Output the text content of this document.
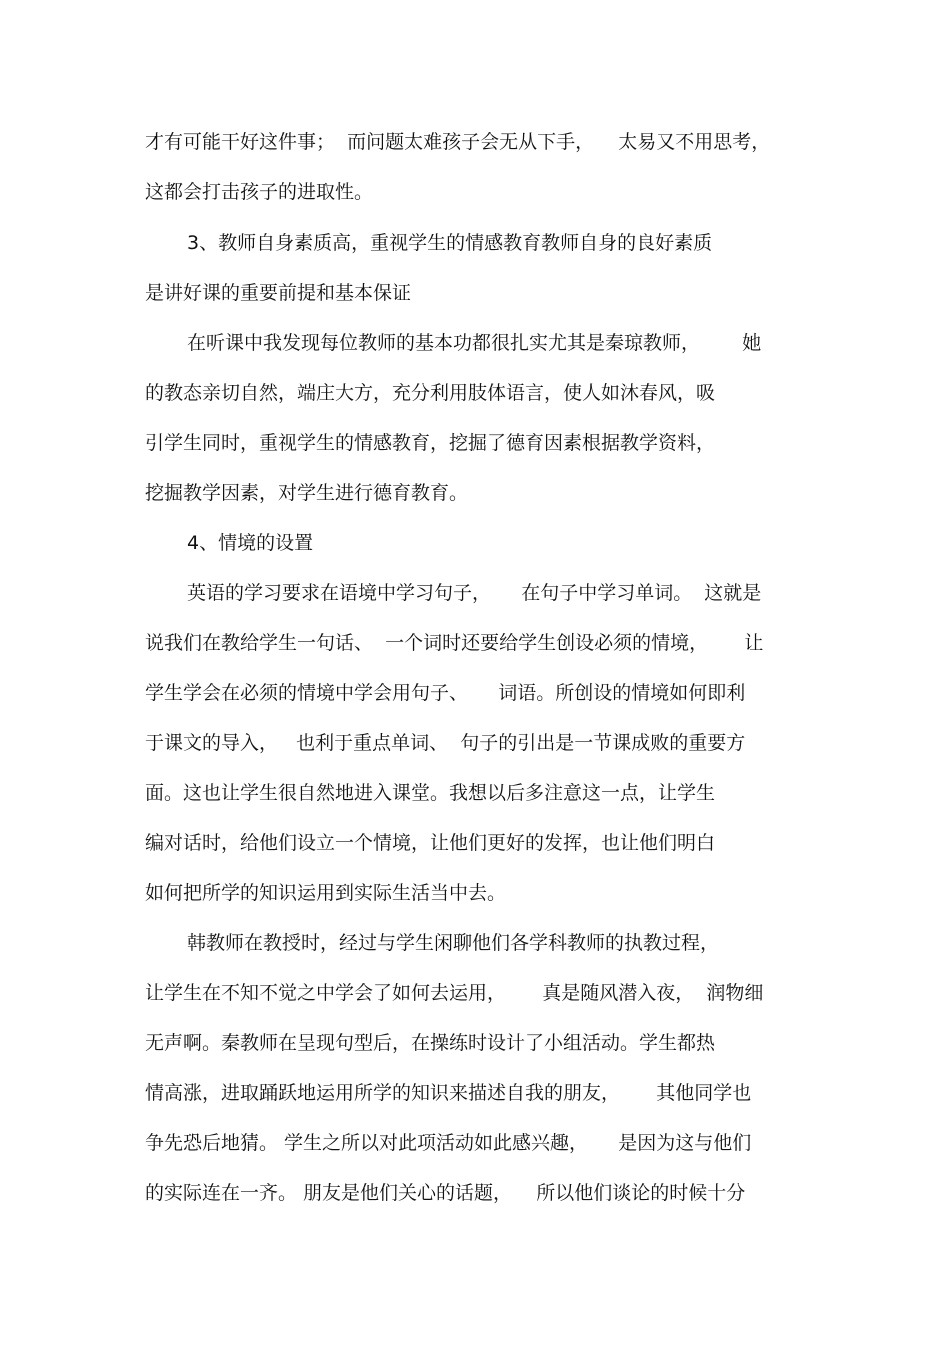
才有可能干好这件事；  而问题太难孩子会无从下手，    太易又不用思考，
这都会打击孩子的进取性。
3、教师自身素质高，重视学生的情感教育教师自身的良好素质
是讲好课的重要前提和基本保证
在听课中我发现每位教师的基本功都很扎实尤其是秦琼教师，       她
的教态亲切自然，端庄大方，充分利用肢体语言，使人如沐春风，吸
引学生同时，重视学生的情感教育，挖掘了德育因素根据教学资料，
挖掘教学因素，对学生进行德育教育。
4、情境的设置
英语的学习要求在语境中学习句子，     在句子中学习单词。  这就是
说我们在教给学生一句话、  一个词时还要给学生创设必须的情境，      让
学生学会在必须的情境中学会用句子、     词语。所创设的情境如何即利
于课文的导入，   也利于重点单词、  句子的引出是一节课成败的重要方
面。这也让学生很自然地进入课堂。我想以后多注意这一点，让学生
编对话时，给他们设立一个情境，让他们更好的发挥，也让他们明白
如何把所学的知识运用到实际生活当中去。
韩教师在教授时，经过与学生闲聊他们各学科教师的执教过程，
让学生在不知不觉之中学会了如何去运用，      真是随风潜入夜，  润物细
无声啊。秦教师在呈现句型后，在操练时设计了小组活动。学生都热
情高涨，进取踊跃地运用所学的知识来描述自我的朋友，      其他同学也
争先恐后地猜。 学生之所以对此项活动如此感兴趣，     是因为这与他们
的实际连在一齐。 朋友是他们关心的话题，    所以他们谈论的时候十分
